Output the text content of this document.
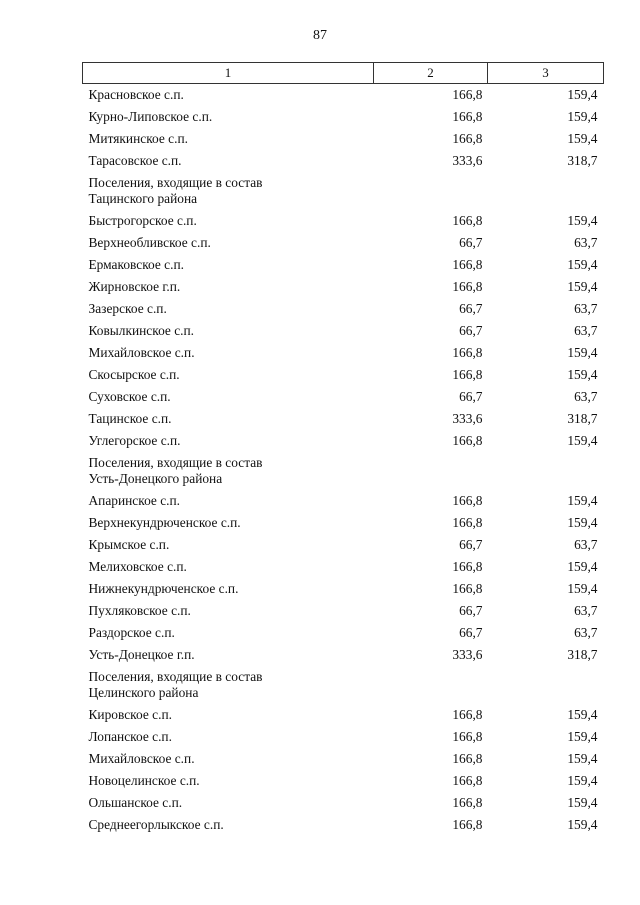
87
1	2	3
Красновское с.п.	166,8	159,4
Курно-Липовское с.п.	166,8	159,4
Митякинское с.п.	166,8	159,4
Тарасовское с.п.	333,6	318,7

Поселения, входящие в состав
Тацинского района		

Быстрогорское с.п.	166,8	159,4
Верхнеобливское с.п.	66,7	63,7
Ермаковское с.п.	166,8	159,4
Жирновское г.п.	166,8	159,4
Зазерское с.п.	66,7	63,7
Ковылкинское с.п.	66,7	63,7
Михайловское с.п.	166,8	159,4
Скосырское с.п.	166,8	159,4
Суховское с.п.	66,7	63,7
Тацинское с.п.	333,6	318,7
Углегорское с.п.	166,8	159,4

Поселения, входящие в состав
Усть-Донецкого района		

Апаринское с.п.	166,8	159,4
Верхнекундрюченское с.п.	166,8	159,4
Крымское с.п.	66,7	63,7
Мелиховское с.п.	166,8	159,4
Нижнекундрюченское с.п.	166,8	159,4
Пухляковское с.п.	66,7	63,7
Раздорское с.п.	66,7	63,7
Усть-Донецкое г.п.	333,6	318,7

Поселения, входящие в состав
Целинского района		

Кировское с.п.	166,8	159,4
Лопанское с.п.	166,8	159,4
Михайловское с.п.	166,8	159,4
Новоцелинское с.п.	166,8	159,4
Ольшанское с.п.	166,8	159,4
Среднеегорлыкское с.п.	166,8	159,4
